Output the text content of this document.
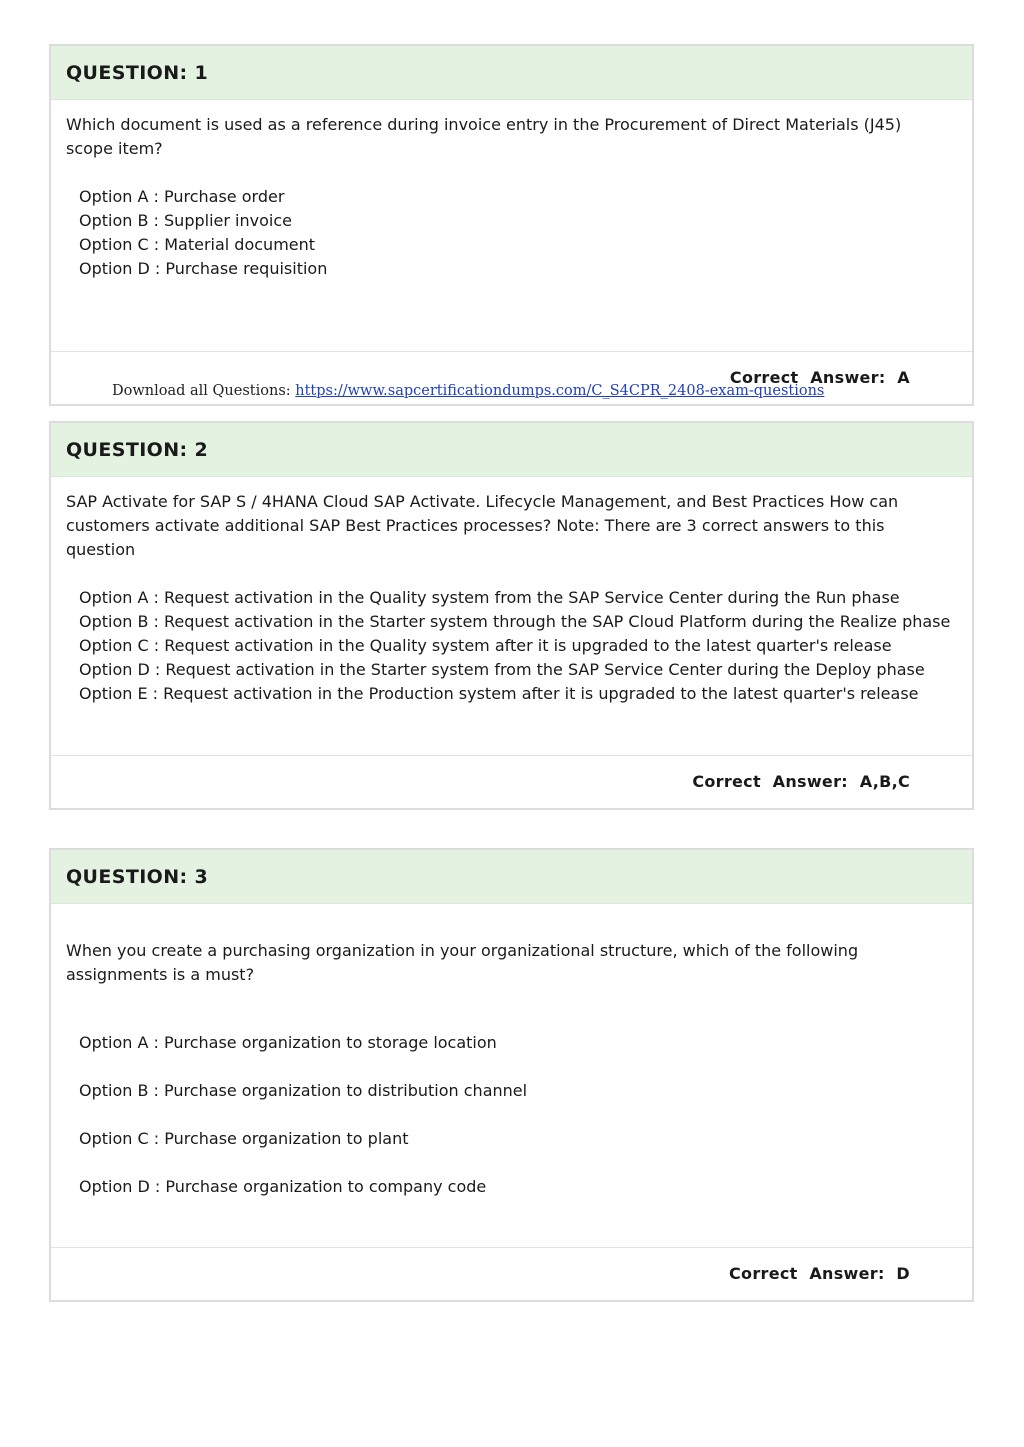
QUESTION: 1

Which document is used as a reference during invoice entry in the Procurement of Direct Materials (J45) scope item?

Option A : Purchase order

Option B : Supplier invoice

Option C : Material document

Option D : Purchase requisition

Correct  Answer:  A
Download all Questions: https://www.sapcertificationdumps.com/C_S4CPR_2408-exam-questions
QUESTION: 2

SAP Activate for SAP S / 4HANA Cloud SAP Activate. Lifecycle Management, and Best Practices How can customers activate additional SAP Best Practices processes? Note: There are 3 correct answers to this question

Option A : Request activation in the Quality system from the SAP Service Center during the Run phase

Option B : Request activation in the Starter system through the SAP Cloud Platform during the Realize phase

Option C : Request activation in the Quality system after it is upgraded to the latest quarter's release

Option D : Request activation in the Starter system from the SAP Service Center during the Deploy phase

Option E : Request activation in the Production system after it is upgraded to the latest quarter's release

Correct  Answer:  A,B,C
QUESTION: 3

When you create a purchasing organization in your organizational structure, which of the following assignments is a must?

Option A : Purchase organization to storage location

Option B : Purchase organization to distribution channel

Option C : Purchase organization to plant

Option D : Purchase organization to company code

Correct  Answer:  D
